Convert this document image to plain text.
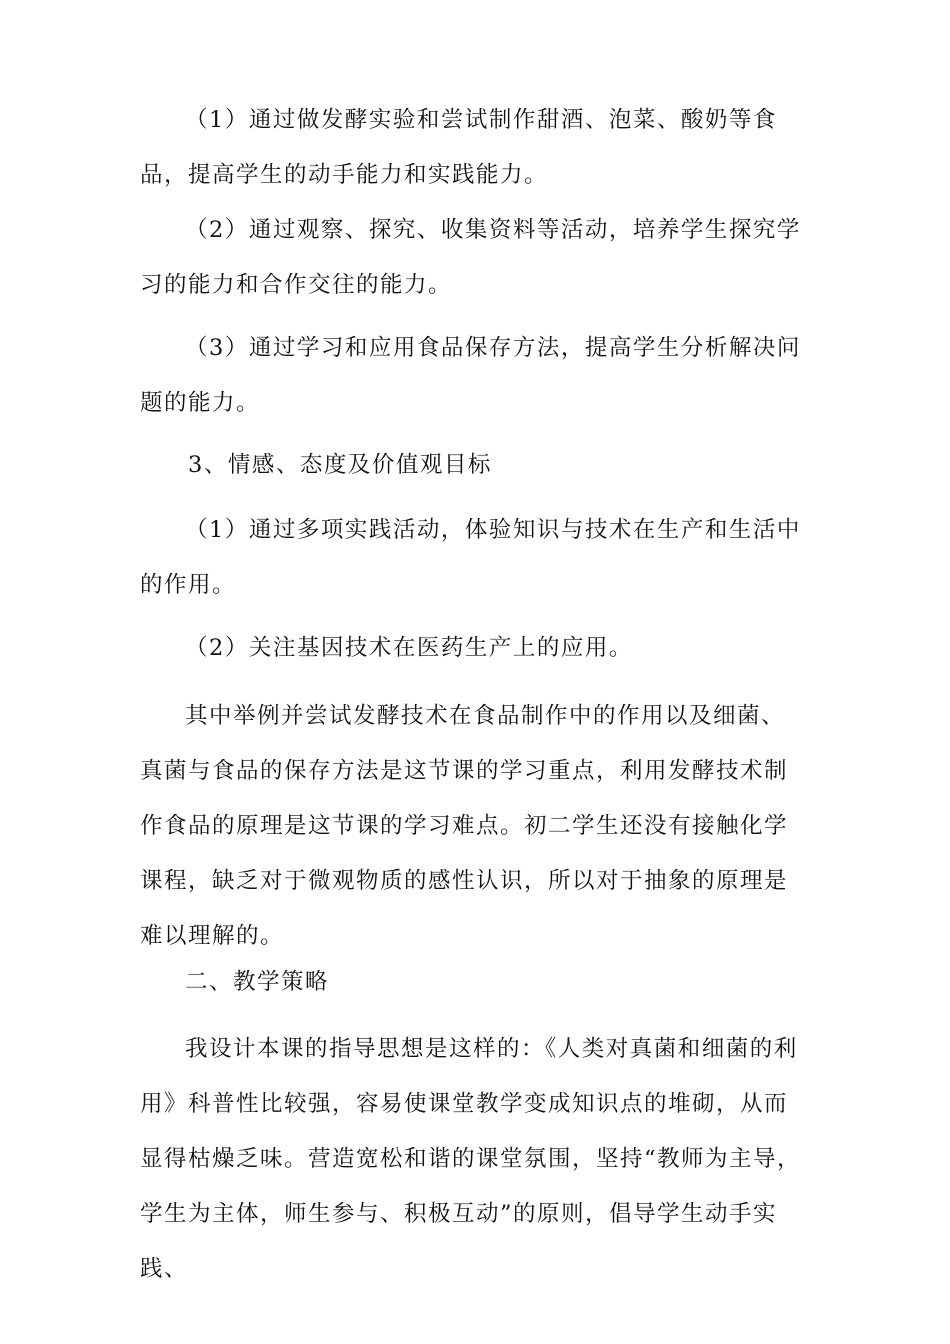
（1）通过做发酵实验和尝试制作甜酒、泡菜、酸奶等食品，提高学生的动手能力和实践能力。

（2）通过观察、探究、收集资料等活动，培养学生探究学习的能力和合作交往的能力。

（3）通过学习和应用食品保存方法，提高学生分析解决问题的能力。

3、情感、态度及价值观目标

（1）通过多项实践活动，体验知识与技术在生产和生活中的作用。

（2）关注基因技术在医药生产上的应用。

其中举例并尝试发酵技术在食品制作中的作用以及细菌、真菌与食品的保存方法是这节课的学习重点，利用发酵技术制作食品的原理是这节课的学习难点。初二学生还没有接触化学课程，缺乏对于微观物质的感性认识，所以对于抽象的原理是难以理解的。

二、教学策略

我设计本课的指导思想是这样的：《人类对真菌和细菌的利用》科普性比较强，容易使课堂教学变成知识点的堆砌，从而显得枯燥乏味。营造宽松和谐的课堂氛围，坚持“教师为主导，学生为主体，师生参与、积极互动”的原则，倡导学生动手实践、
